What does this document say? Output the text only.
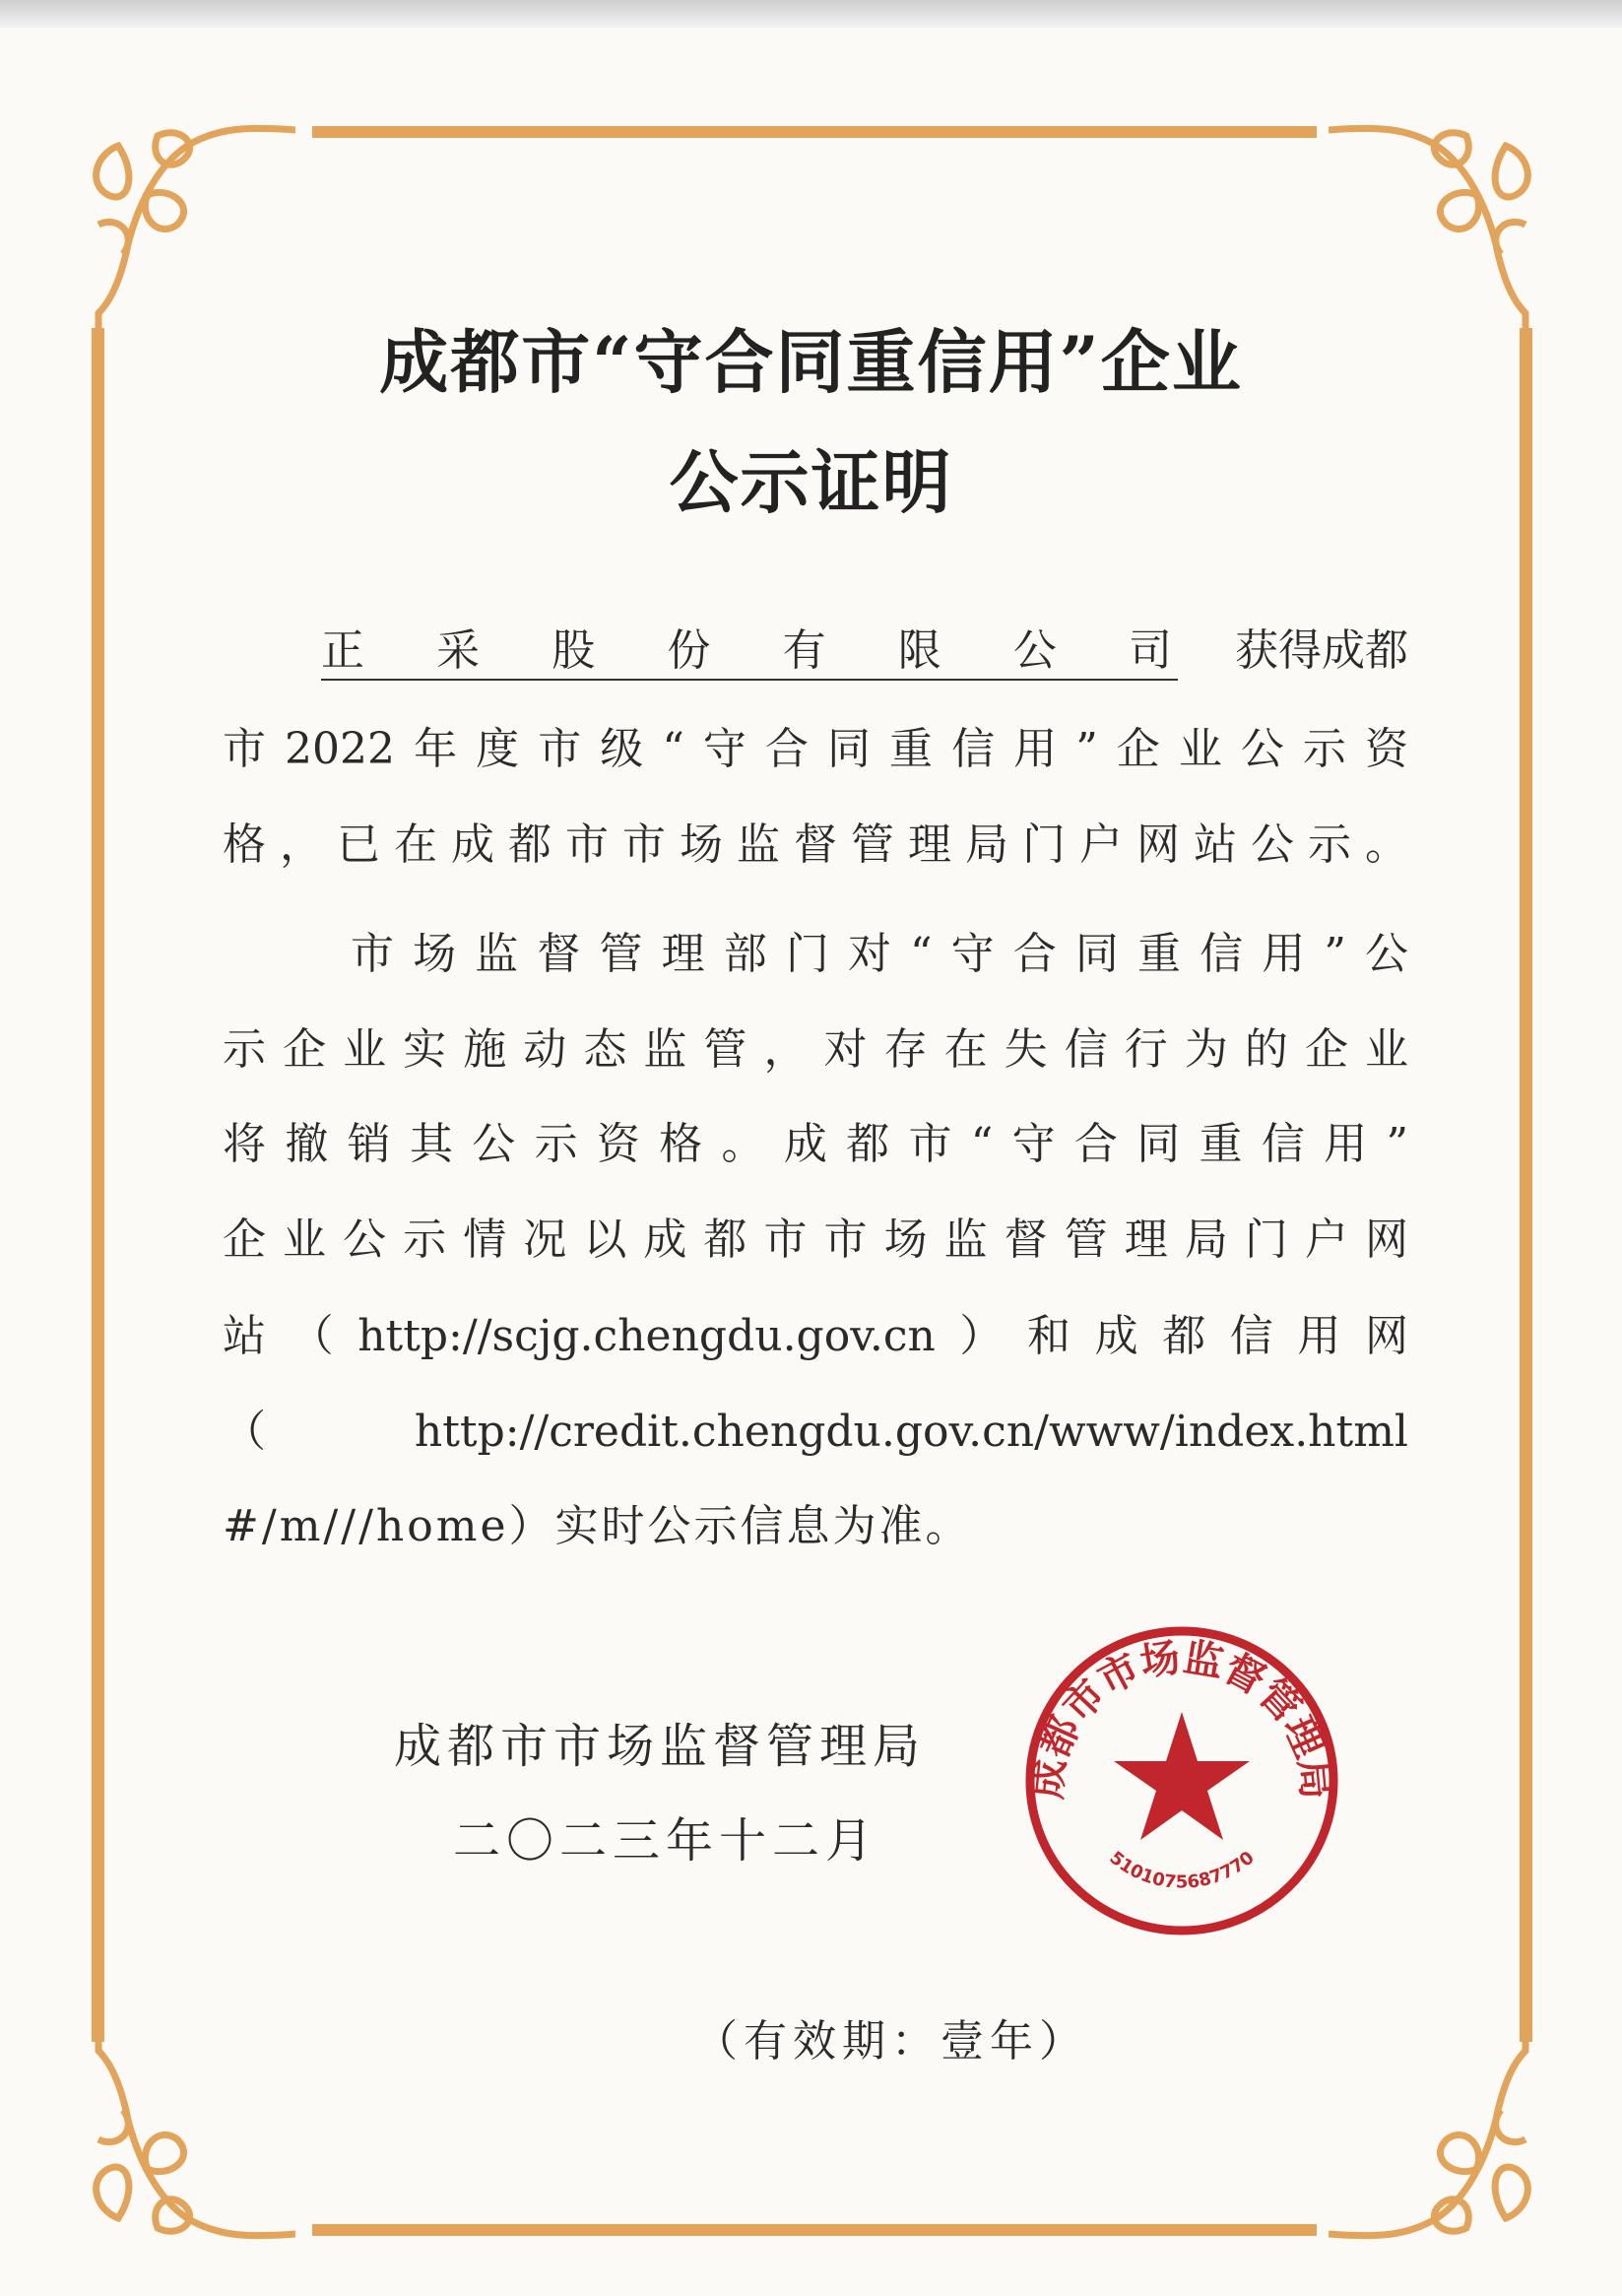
成都市“守合同重信用”企业
公示证明
正采股份有限公司 获得成都
市2022年度市级“守合同重信用”企业公示资
格，已在成都市市场监督管理局门户网站公示。
市场监督管理部门对“守合同重信用”公
示企业实施动态监管，对存在失信行为的企业
将撤销其公示资格。成都市“守合同重信用”
企业公示情况以成都市市场监督管理局门户网
站（http://scjg.chengdu.gov.cn）和成都信用网
（http://credit.chengdu.gov.cn/www/index.html
#/m///home）实时公示信息为准。
成都市市场监督管理局
二〇二三年十二月
（有效期：壹年）
成都市市场监督管理局
5101075687770
